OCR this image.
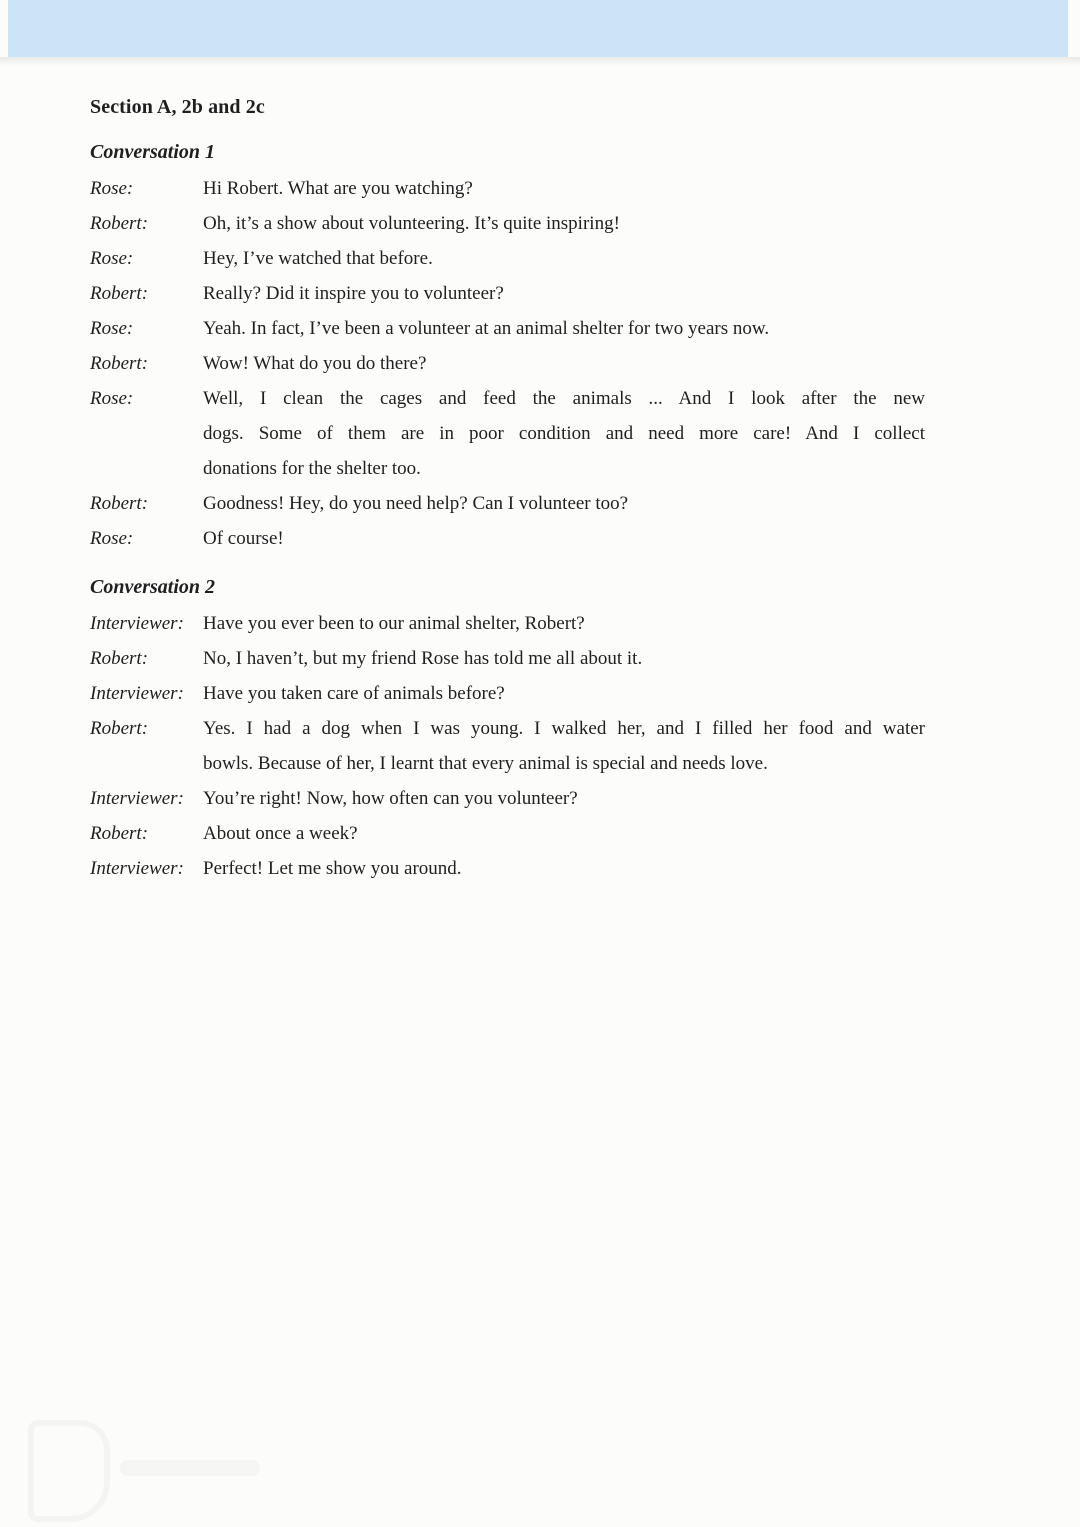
Section A, 2b and 2c
Conversation 1
Rose:	Hi Robert. What are you watching?
Robert:	Oh, it’s a show about volunteering. It’s quite inspiring!
Rose:	Hey, I’ve watched that before.
Robert:	Really? Did it inspire you to volunteer?
Rose:	Yeah. In fact, I’ve been a volunteer at an animal shelter for two years now.
Robert:	Wow! What do you do there?
Rose:	Well, I clean the cages and feed the animals ... And I look after the new
dogs. Some of them are in poor condition and need more care! And I collect
donations for the shelter too.
Robert:	Goodness! Hey, do you need help? Can I volunteer too?
Rose:	Of course!
Conversation 2
Interviewer:	Have you ever been to our animal shelter, Robert?
Robert:	No, I haven’t, but my friend Rose has told me all about it.
Interviewer:	Have you taken care of animals before?
Robert:	Yes. I had a dog when I was young. I walked her, and I filled her food and water
bowls. Because of her, I learnt that every animal is special and needs love.
Interviewer:	You’re right! Now, how often can you volunteer?
Robert:	About once a week?
Interviewer:	Perfect! Let me show you around.
